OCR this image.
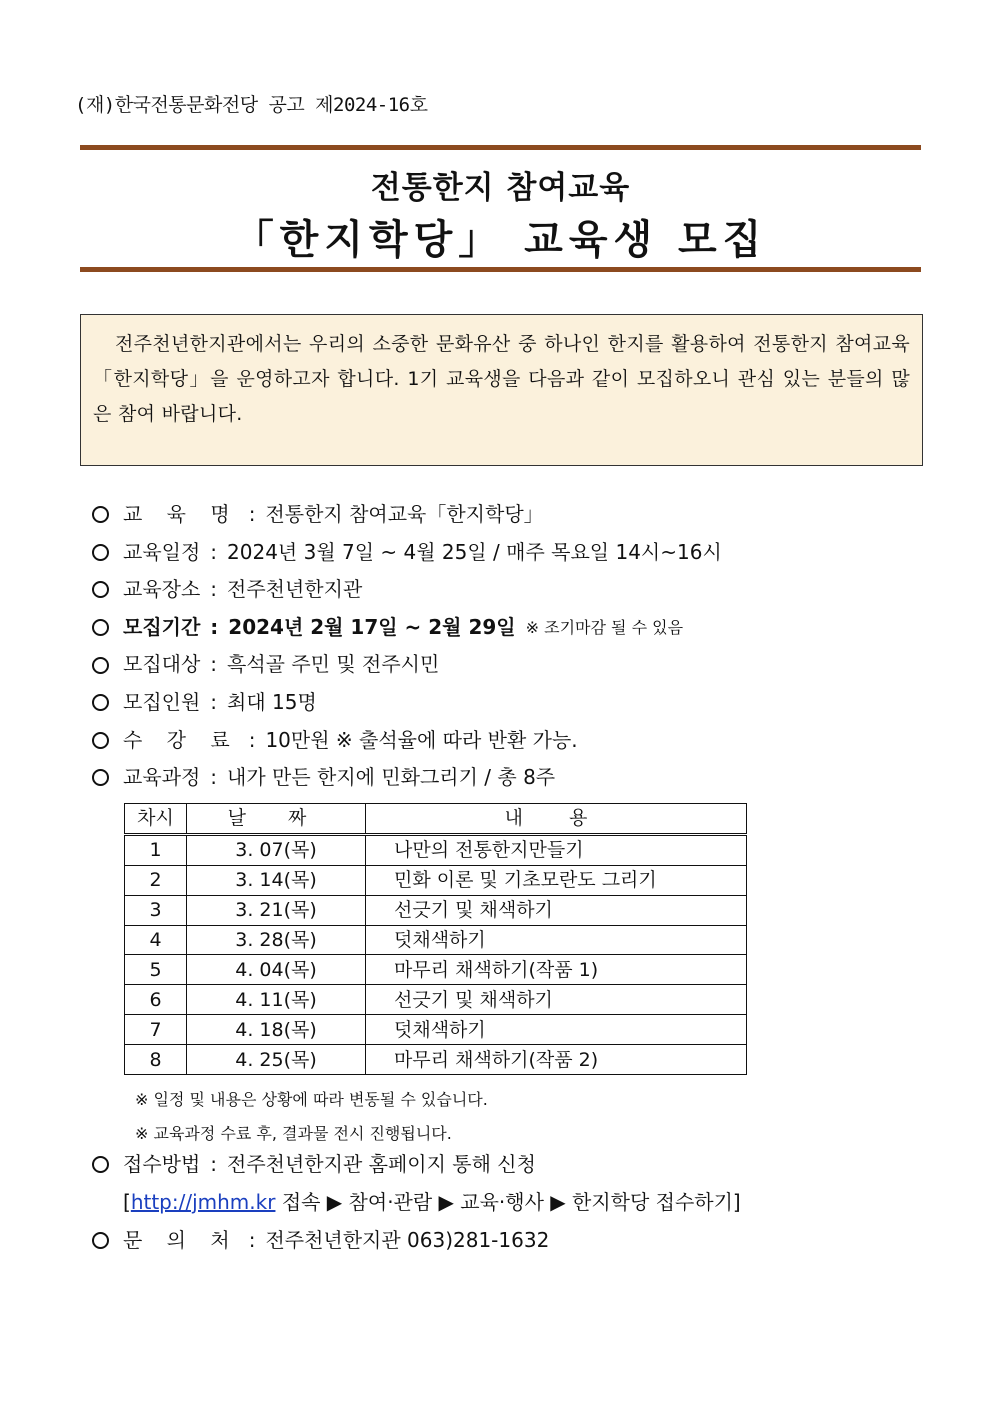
(재)한국전통문화전당 공고 제2024-16호
전통한지 참여교육
「한지학당」 교육생 모집

전주천년한지관에서는 우리의 소중한 문화유산 중 하나인 한지를 활용하여 전통한지 참여교육「한지학당」을 운영하고자 합니다. 1기 교육생을 다음과 같이 모집하오니 관심 있는 분들의 많은 참여 바랍니다.

교 육 명 : 전통한지 참여교육「한지학당」
교육일정 : 2024년 3월 7일 ~ 4월 25일 / 매주 목요일 14시~16시
교육장소 : 전주천년한지관
모집기간 : 2024년 2월 17일 ~ 2월 29일 ※ 조기마감 될 수 있음
모집대상 : 흑석골 주민 및 전주시민
모집인원 : 최대 15명
수 강 료 : 10만원 ※ 출석율에 따라 반환 가능.
교육과정 : 내가 만든 한지에 민화그리기 / 총 8주
차시	날 짜	내 용
1	3. 07(목)	나만의 전통한지만들기
2	3. 14(목)	민화 이론 및 기초모란도 그리기
3	3. 21(목)	선긋기 및 채색하기
4	3. 28(목)	덧채색하기
5	4. 04(목)	마무리 채색하기(작품 1)
6	4. 11(목)	선긋기 및 채색하기
7	4. 18(목)	덧채색하기
8	4. 25(목)	마무리 채색하기(작품 2)
※ 일정 및 내용은 상황에 따라 변동될 수 있습니다.
※ 교육과정 수료 후, 결과물 전시 진행됩니다.
접수방법 : 전주천년한지관 홈페이지 통해 신청
[http://jmhm.kr 접속 ▶ 참여·관람 ▶ 교육·행사 ▶ 한지학당 접수하기]
문 의 처 : 전주천년한지관 063)281-1632
